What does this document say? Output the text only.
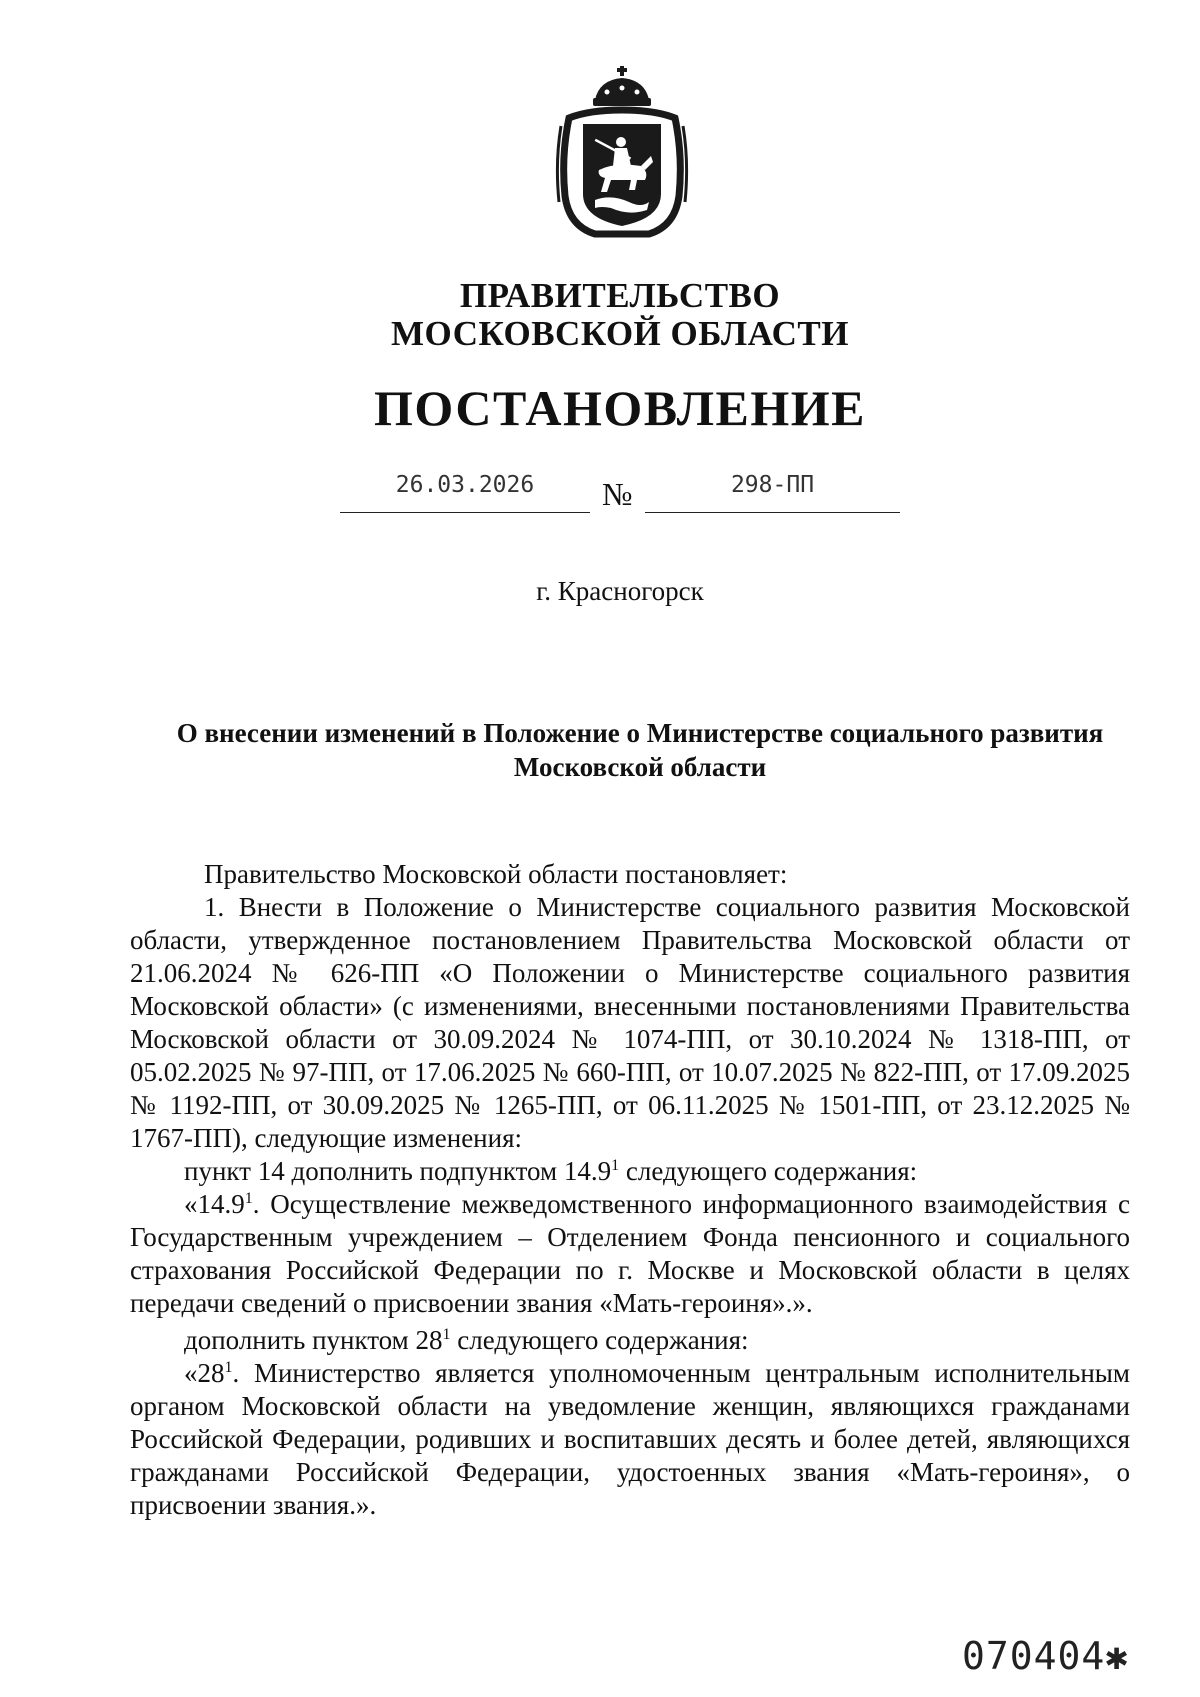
ПРАВИТЕЛЬСТВО
МОСКОВСКОЙ ОБЛАСТИ
ПОСТАНОВЛЕНИЕ
26.03.2026	№	298-ПП
г. Красногорск
О внесении изменений в Положение о Министерстве социального развития
Московской области

Правительство Московской области постановляет:

1. Внести в Положение о Министерстве социального развития Московской области, утвержденное постановлением Правительства Московской области от 21.06.2024 № 626-ПП «О Положении о Министерстве социального развития Московской области» (с изменениями, внесенными постановлениями Правительства Московской области от 30.09.2024 № 1074-ПП, от 30.10.2024 № 1318-ПП, от 05.02.2025 № 97-ПП, от 17.06.2025 № 660-ПП, от 10.07.2025 № 822-ПП, от 17.09.2025 № 1192-ПП, от 30.09.2025 № 1265-ПП, от 06.11.2025 № 1501-ПП, от 23.12.2025 № 1767-ПП), следующие изменения:

пункт 14 дополнить подпунктом 14.9$^1$ следующего содержания:

«14.9$^1$. Осуществление межведомственного информационного взаимодействия с Государственным учреждением – Отделением Фонда пенсионного и социального страхования Российской Федерации по г. Москве и Московской области в целях передачи сведений о присвоении звания «Мать-героиня».».

дополнить пунктом $28^1$ следующего содержания:

«$28^1$. Министерство является уполномоченным центральным исполнительным органом Московской области на уведомление женщин, являющихся гражданами Российской Федерации, родивших и воспитавших десять и более детей, являющихся гражданами Российской Федерации, удостоенных звания «Мать-героиня», о присвоении звания.».

070404✱
